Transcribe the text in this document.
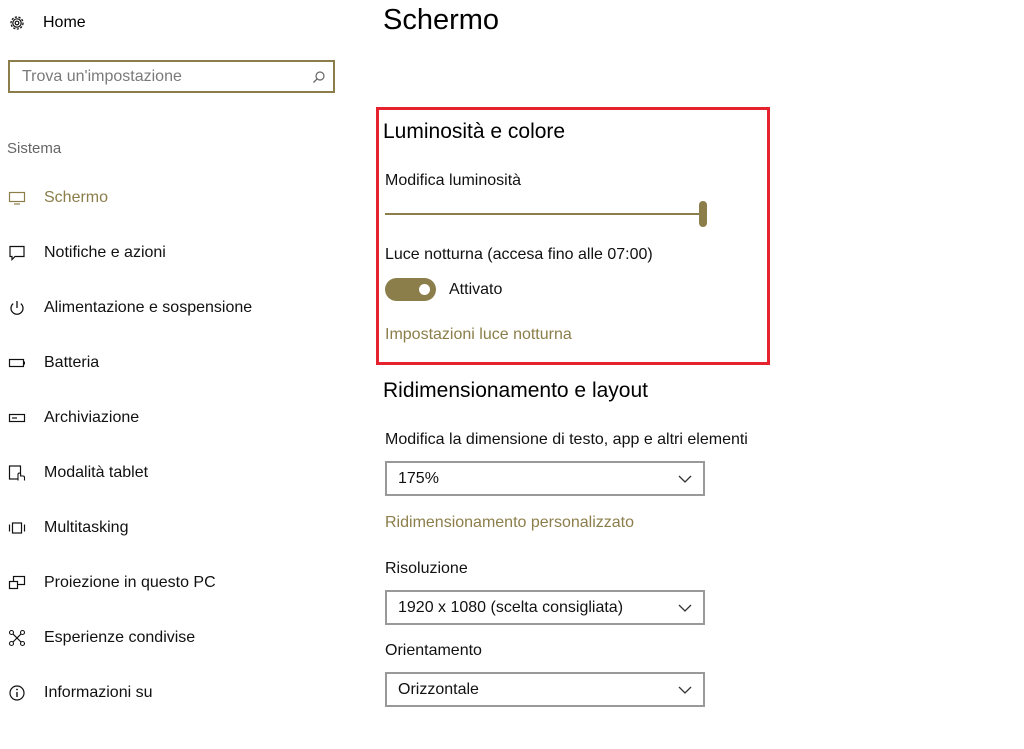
Home
Trova un'impostazione
Sistema
Schermo
Notifiche e azioni
Alimentazione e sospensione
Batteria
Archiviazione
Modalità tablet
Multitasking
Proiezione in questo PC
Esperienze condivise
Informazioni su
Schermo
Luminosità e colore
Modifica luminosità
Luce notturna (accesa fino alle 07:00)
Attivato
Impostazioni luce notturna
Ridimensionamento e layout
Modifica la dimensione di testo, app e altri elementi
175%
Ridimensionamento personalizzato
Risoluzione
1920 x 1080 (scelta consigliata)
Orientamento
Orizzontale
